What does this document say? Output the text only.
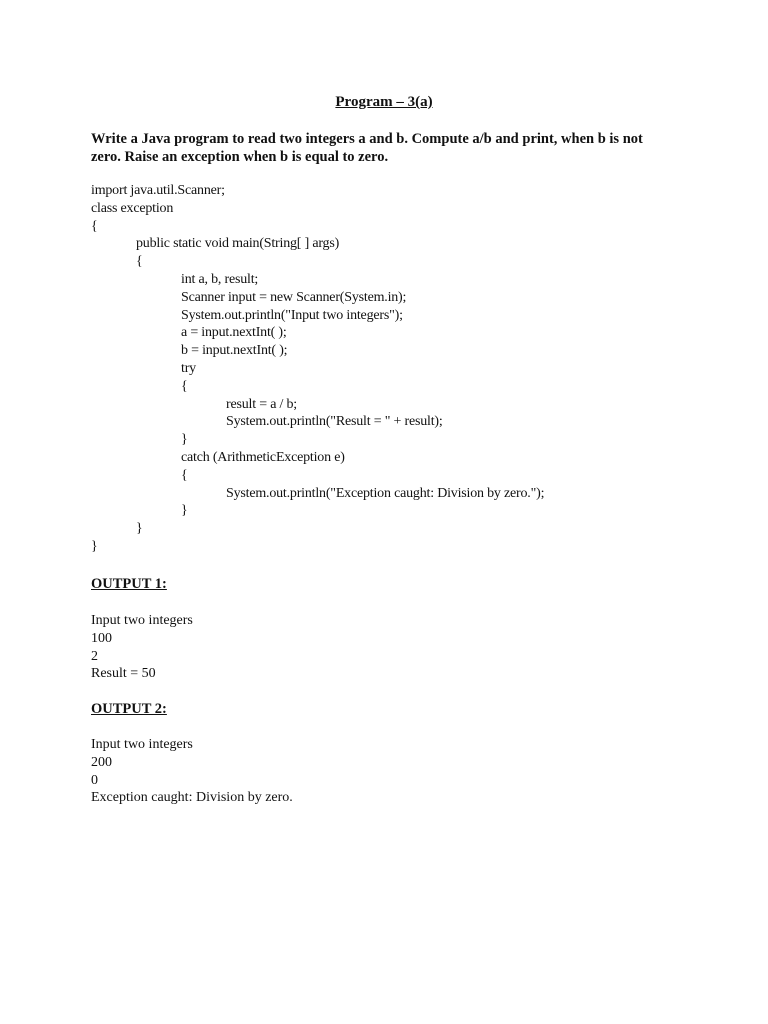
Program – 3(a)
Write a Java program to read two integers a and b. Compute a/b and print, when b is not
zero. Raise an exception when b is equal to zero.
import java.util.Scanner;
class exception
{
public static void main(String[ ] args)
{
int a, b, result;
Scanner input = new Scanner(System.in);
System.out.println("Input two integers");
a = input.nextInt( );
b = input.nextInt( );
try
{
result = a / b;
System.out.println("Result = " + result);
}
catch (ArithmeticException e)
{
System.out.println("Exception caught: Division by zero.");
}
}
}
OUTPUT 1:
Input two integers
100
2
Result = 50
OUTPUT 2:
Input two integers
200
0
Exception caught: Division by zero.
